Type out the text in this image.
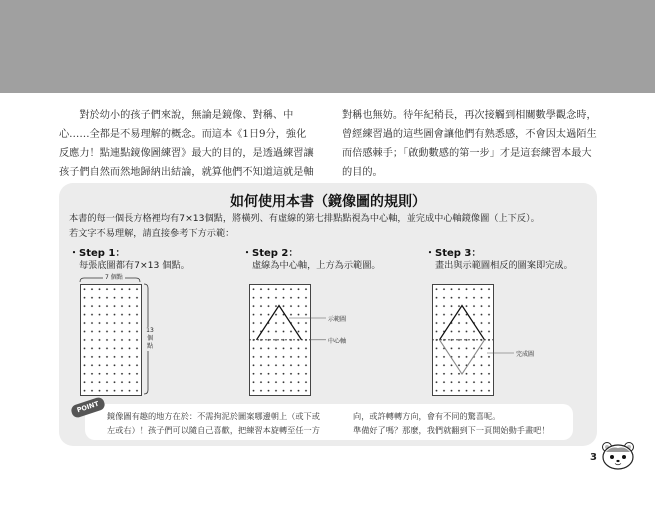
　　對於幼小的孩子們來說，無論是鏡像、對稱、中

心……全都是不易理解的概念。而這本《1日9分，強化

反應力！點連點鏡像圖練習》最大的目的，是透過練習讓

孩子們自然而然地歸納出結論，就算他們不知道這就是軸

對稱也無妨。待年紀稍長，再次接觸到相關數學觀念時，

曾經練習過的這些圖會讓他們有熟悉感，不會因太過陌生

而倍感棘手；「啟動數感的第一步」才是這套練習本最大

的目的。

如何使用本書（鏡像圖的規則）

本書的每一個長方格裡均有7×13個點，將橫列、有虛線的第七排點點視為中心軸，並完成中心軸鏡像圖（上下反）。

若文字不易理解，請直接參考下方示範：

・Step 1：
每張底圖都有7×13 個點。
・Step 2：
虛線為中心軸，上方為示範圖。
・Step 3：
畫出與示範圖相反的圖案即完成。
7 個點
13
個
點
示範圖
中心軸
完成圖

鏡像圖有趣的地方在於：不需拘泥於圖案哪邊朝上（或下或

左或右）！孩子們可以隨自己喜歡，把練習本旋轉至任一方

向，或許轉轉方向，會有不同的驚喜呢。

準備好了嗎？那麼，我們就翻到下一頁開始動手畫吧！

POINT
3
